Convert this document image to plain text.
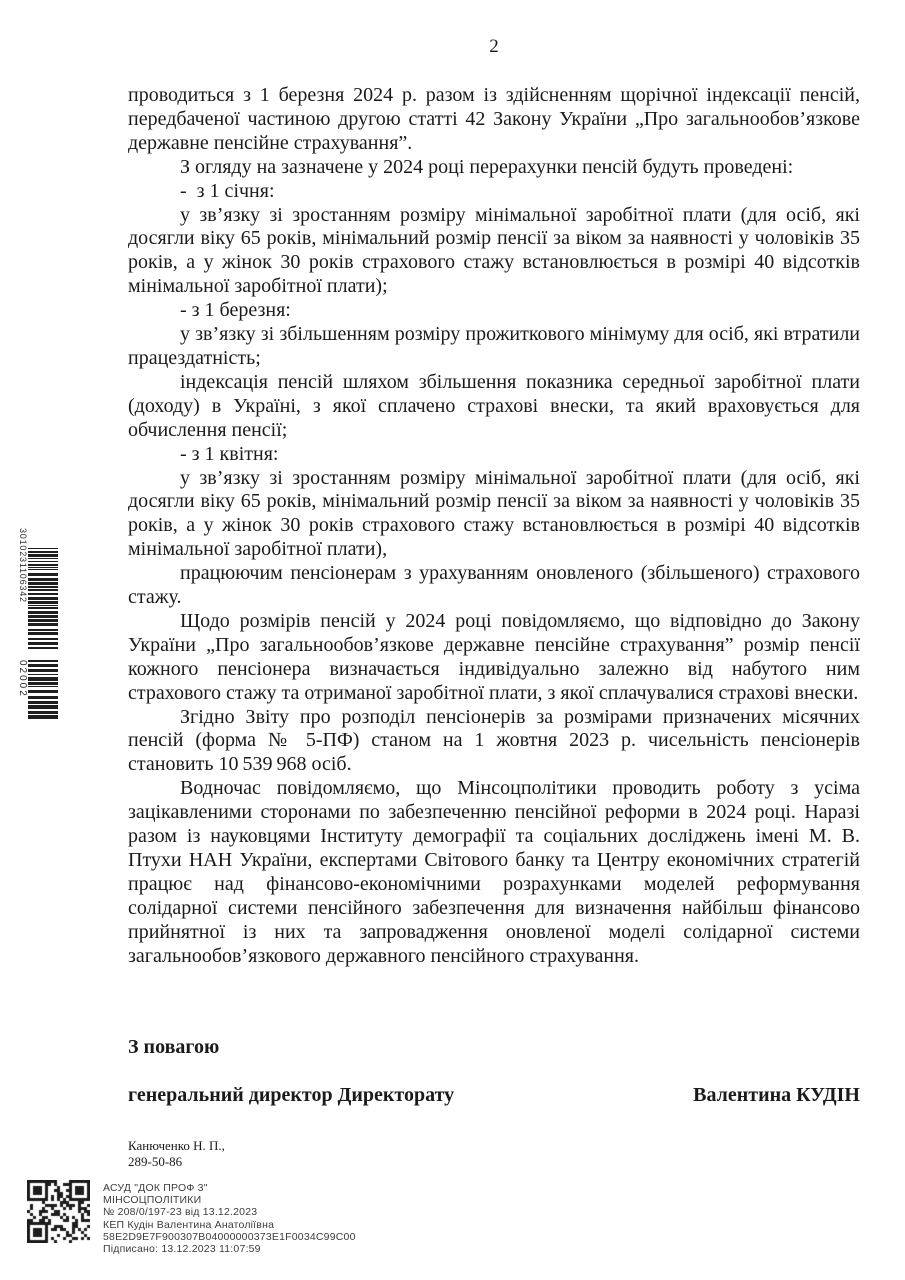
2
3010231106342
02002
проводиться з 1 березня 2024 р. разом із здійсненням щорічної індексації пенсій, передбаченої частиною другою статті 42 Закону України „Про загальнообов’язкове державне пенсійне страхування”.
З огляду на зазначене у 2024 році перерахунки пенсій будуть проведені:
- з 1 січня:
у зв’язку зі зростанням розміру мінімальної заробітної плати (для осіб, які досягли віку 65 років, мінімальний розмір пенсії за віком за наявності у чоловіків 35 років, а у жінок 30 років страхового стажу встановлюється в розмірі 40 відсотків мінімальної заробітної плати);
- з 1 березня:
у зв’язку зі збільшенням розміру прожиткового мінімуму для осіб, які втратили працездатність;
індексація пенсій шляхом збільшення показника середньої заробітної плати (доходу) в Україні, з якої сплачено страхові внески, та який враховується для обчислення пенсії;
- з 1 квітня:
у зв’язку зі зростанням розміру мінімальної заробітної плати (для осіб, які досягли віку 65 років, мінімальний розмір пенсії за віком за наявності у чоловіків 35 років, а у жінок 30 років страхового стажу встановлюється в розмірі 40 відсотків мінімальної заробітної плати),
працюючим пенсіонерам з урахуванням оновленого (збільшеного) страхового стажу.
Щодо розмірів пенсій у 2024 році повідомляємо, що відповідно до Закону України „Про загальнообов’язкове державне пенсійне страхування” розмір пенсії кожного пенсіонера визначається індивідуально залежно від набутого ним страхового стажу та отриманої заробітної плати, з якої сплачувалися страхові внески.
Згідно Звіту про розподіл пенсіонерів за розмірами призначених місячних пенсій (форма № 5-ПФ) станом на 1 жовтня 2023 р. чисельність пенсіонерів становить 10 539 968 осіб.
Водночас повідомляємо, що Мінсоцполітики проводить роботу з усіма зацікавленими сторонами по забезпеченню пенсійної реформи в 2024 році. Наразі разом із науковцями Інституту демографії та соціальних досліджень імені М. В. Птухи НАН України, експертами Світового банку та Центру економічних стратегій працює над фінансово-економічними розрахунками моделей реформування солідарної системи пенсійного забезпечення для визначення найбільш фінансово прийнятної із них та запровадження оновленої моделі солідарної системи загальнообов’язкового державного пенсійного страхування.
З повагою
генеральний директор Директорату	Валентина КУДІН
Канюченко Н. П.,
289-50-86
АСУД "ДОК ПРОФ 3"
МІНСОЦПОЛІТИКИ
№ 208/0/197-23 від 13.12.2023
КЕП Кудін Валентина Анатоліївна
58E2D9E7F900307B04000000373E1F0034C99C00
Підписано: 13.12.2023 11:07:59
